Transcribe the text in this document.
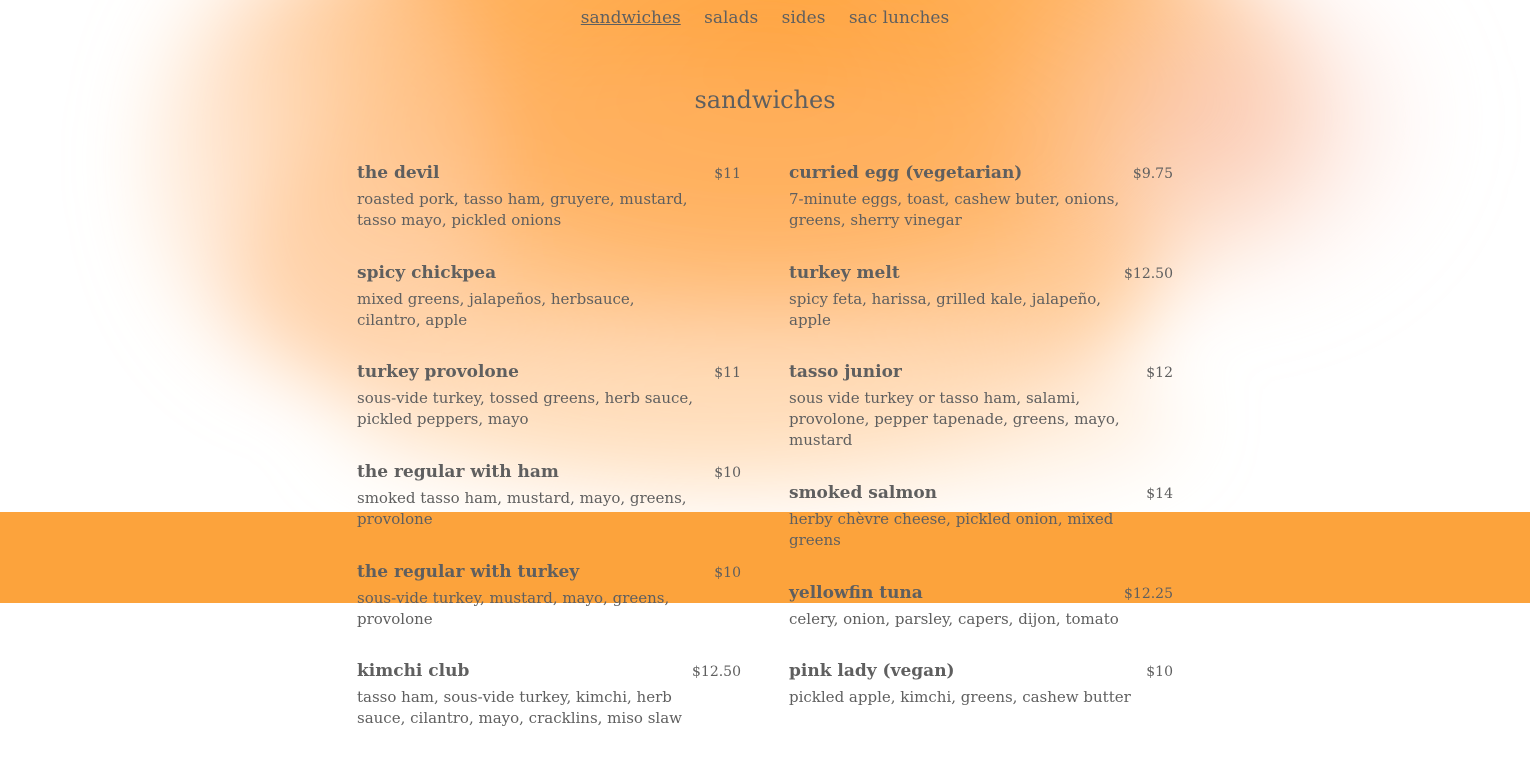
sandwiches salads sides sac lunches
sandwiches
the devil	$11
roasted pork, tasso ham, gruyere, mustard, tasso mayo, pickled onions
spicy chickpea
mixed greens, jalapeños, herbsauce, cilantro, apple
turkey provolone	$11
sous-vide turkey, tossed greens, herb sauce, pickled peppers, mayo
the regular with ham	$10
smoked tasso ham, mustard, mayo, greens, provolone
the regular with turkey	$10
sous-vide turkey, mustard, mayo, greens, provolone
kimchi club	$12.50
tasso ham, sous-vide turkey, kimchi, herb sauce, cilantro, mayo, cracklins, miso slaw
curried egg (vegetarian)	$9.75
7-minute eggs, toast, cashew buter, onions, greens, sherry vinegar
turkey melt	$12.50
spicy feta, harissa, grilled kale, jalapeño, apple
tasso junior	$12
sous vide turkey or tasso ham, salami, provolone, pepper tapenade, greens, mayo, mustard
smoked salmon	$14
herby chèvre cheese, pickled onion, mixed greens
yellowfin tuna	$12.25
celery, onion, parsley, capers, dijon, tomato
pink lady (vegan)	$10
pickled apple, kimchi, greens, cashew butter
